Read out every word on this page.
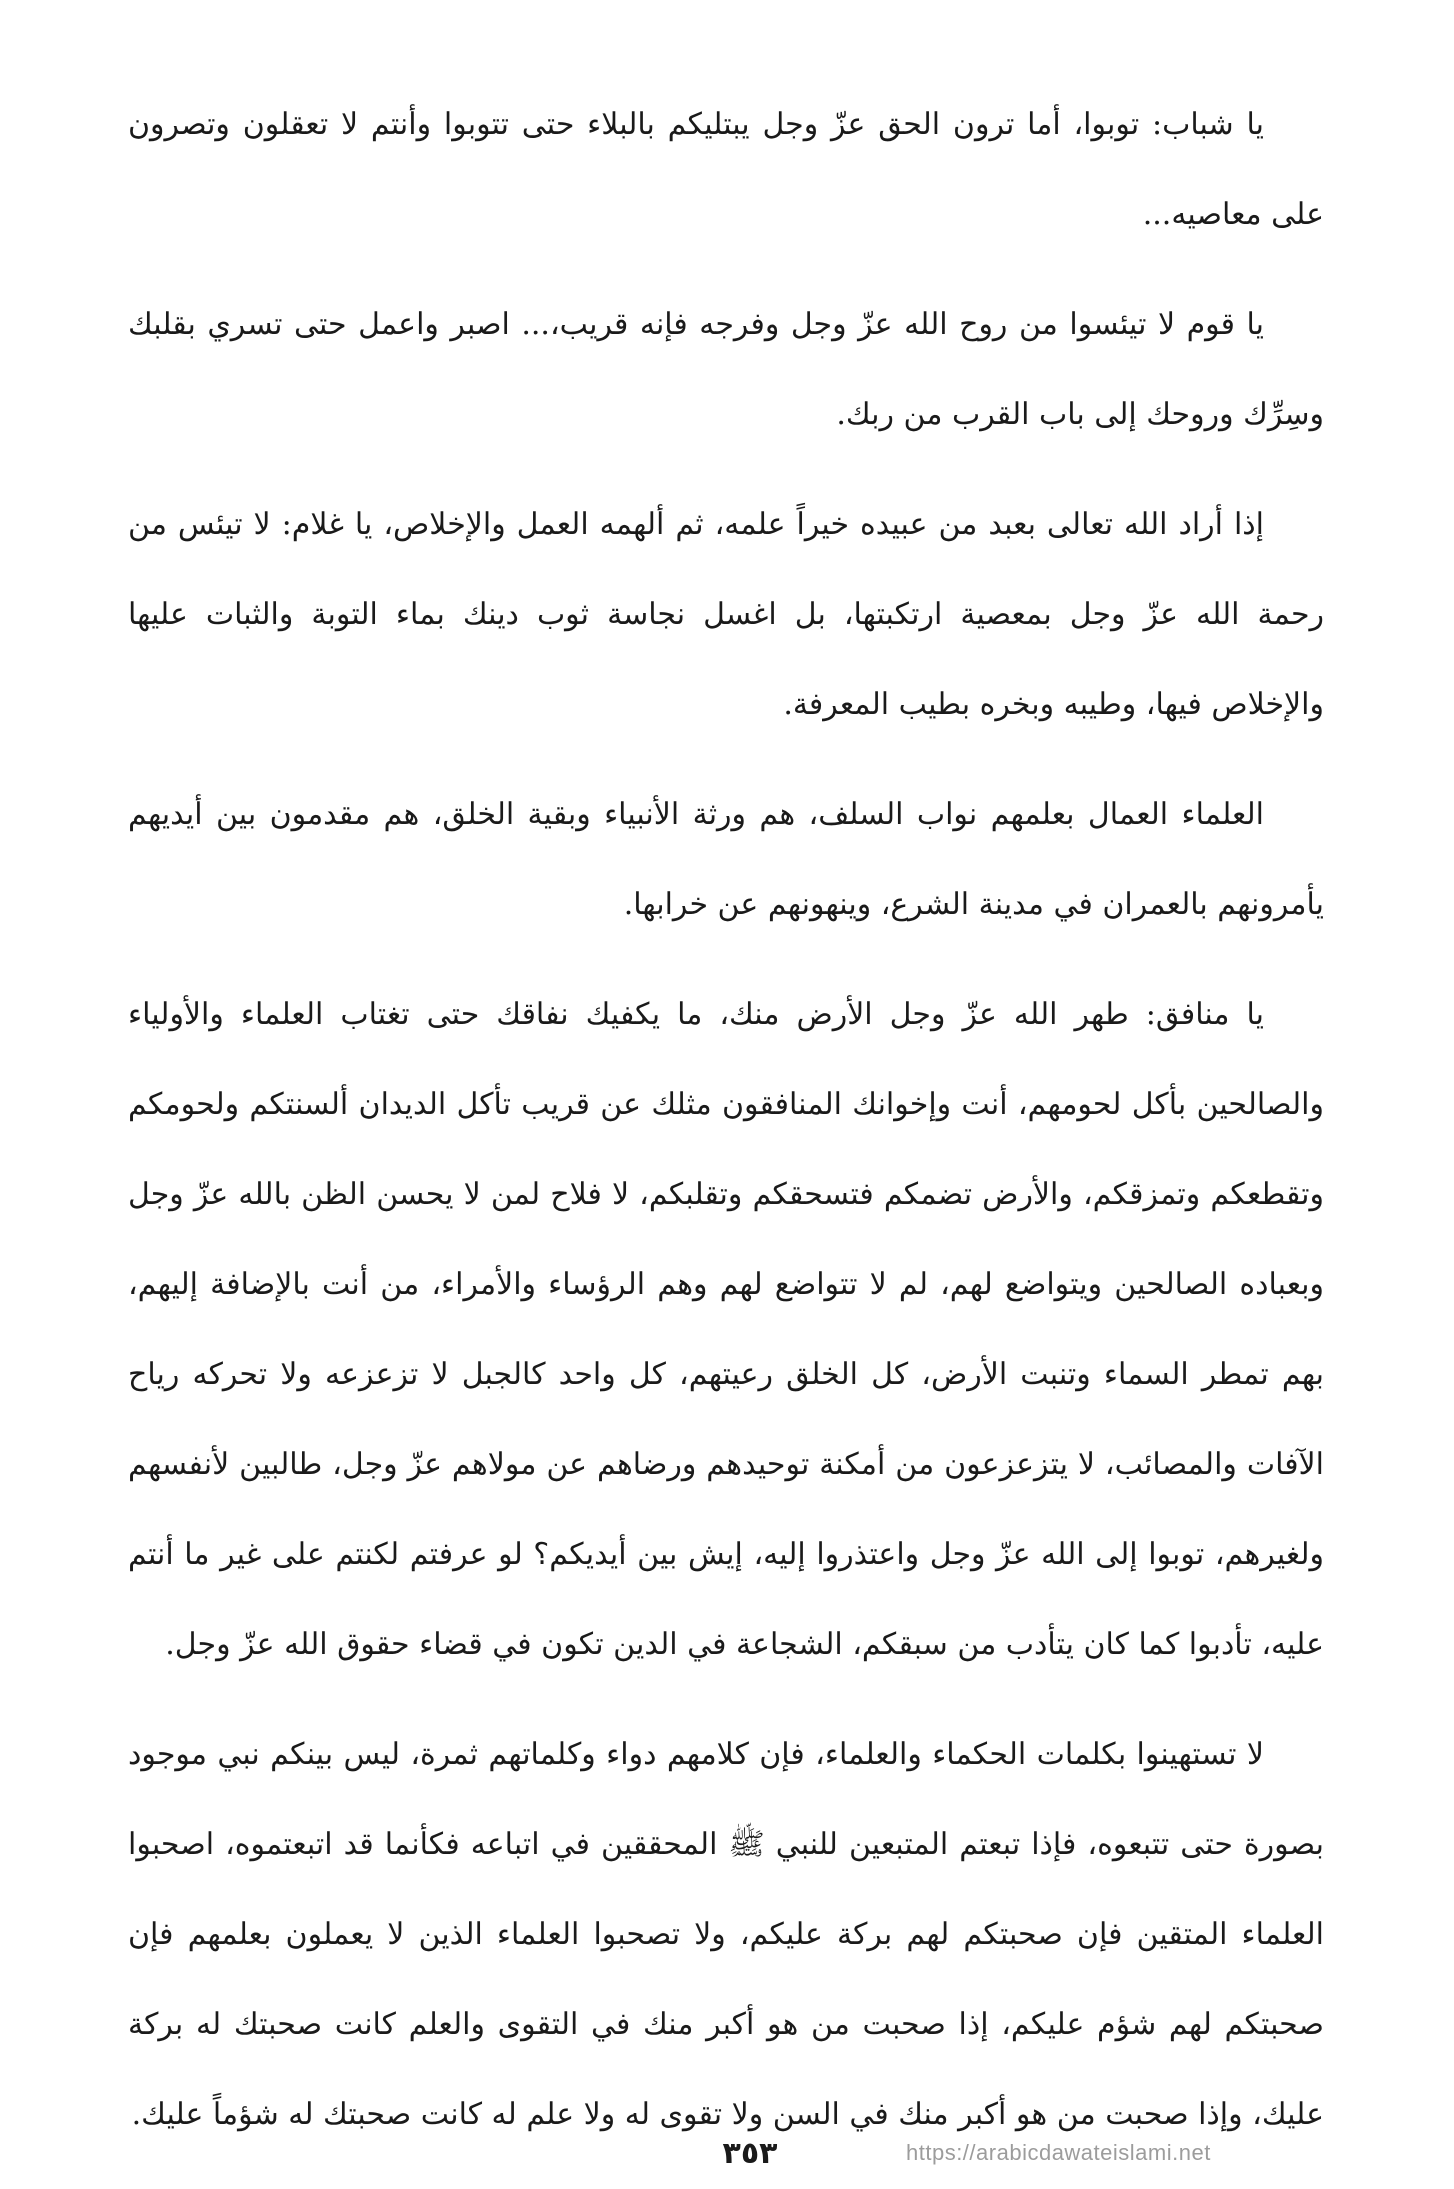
يا شباب: توبوا، أما ترون الحق عزّ وجل يبتليكم بالبلاء حتى تتوبوا وأنتم لا تعقلون وتصرون على معاصيه...

يا قوم لا تيئسوا من روح الله عزّ وجل وفرجه فإنه قريب،... اصبر واعمل حتى تسري بقلبك وسِرِّك وروحك إلى باب القرب من ربك.

إذا أراد الله تعالى بعبد من عبيده خيراً علمه، ثم ألهمه العمل والإخلاص، يا غلام: لا تيئس من رحمة الله عزّ وجل بمعصية ارتكبتها، بل اغسل نجاسة ثوب دينك بماء التوبة والثبات عليها والإخلاص فيها، وطيبه وبخره بطيب المعرفة.

العلماء العمال بعلمهم نواب السلف، هم ورثة الأنبياء وبقية الخلق، هم مقدمون بين أيديهم يأمرونهم بالعمران في مدينة الشرع، وينهونهم عن خرابها.

يا منافق: طهر الله عزّ وجل الأرض منك، ما يكفيك نفاقك حتى تغتاب العلماء والأولياء والصالحين بأكل لحومهم، أنت وإخوانك المنافقون مثلك عن قريب تأكل الديدان ألسنتكم ولحومكم وتقطعكم وتمزقكم، والأرض تضمكم فتسحقكم وتقلبكم، لا فلاح لمن لا يحسن الظن بالله عزّ وجل وبعباده الصالحين ويتواضع لهم، لم لا تتواضع لهم وهم الرؤساء والأمراء، من أنت بالإضافة إليهم، بهم تمطر السماء وتنبت الأرض، كل الخلق رعيتهم، كل واحد كالجبل لا تزعزعه ولا تحركه رياح الآفات والمصائب، لا يتزعزعون من أمكنة توحيدهم ورضاهم عن مولاهم عزّ وجل، طالبين لأنفسهم ولغيرهم، توبوا إلى الله عزّ وجل واعتذروا إليه، إيش بين أيديكم؟ لو عرفتم لكنتم على غير ما أنتم عليه، تأدبوا كما كان يتأدب من سبقكم، الشجاعة في الدين تكون في قضاء حقوق الله عزّ وجل.

لا تستهينوا بكلمات الحكماء والعلماء، فإن كلامهم دواء وكلماتهم ثمرة، ليس بينكم نبي موجود بصورة حتى تتبعوه، فإذا تبعتم المتبعين للنبي ﷺ المحققين في اتباعه فكأنما قد اتبعتموه، اصحبوا العلماء المتقين فإن صحبتكم لهم بركة عليكم، ولا تصحبوا العلماء الذين لا يعملون بعلمهم فإن صحبتكم لهم شؤم عليكم، إذا صحبت من هو أكبر منك في التقوى والعلم كانت صحبتك له بركة عليك، وإذا صحبت من هو أكبر منك في السن ولا تقوى له ولا علم له كانت صحبتك له شؤماً عليك.

٣٥٣	https://arabicdawateislami.net
